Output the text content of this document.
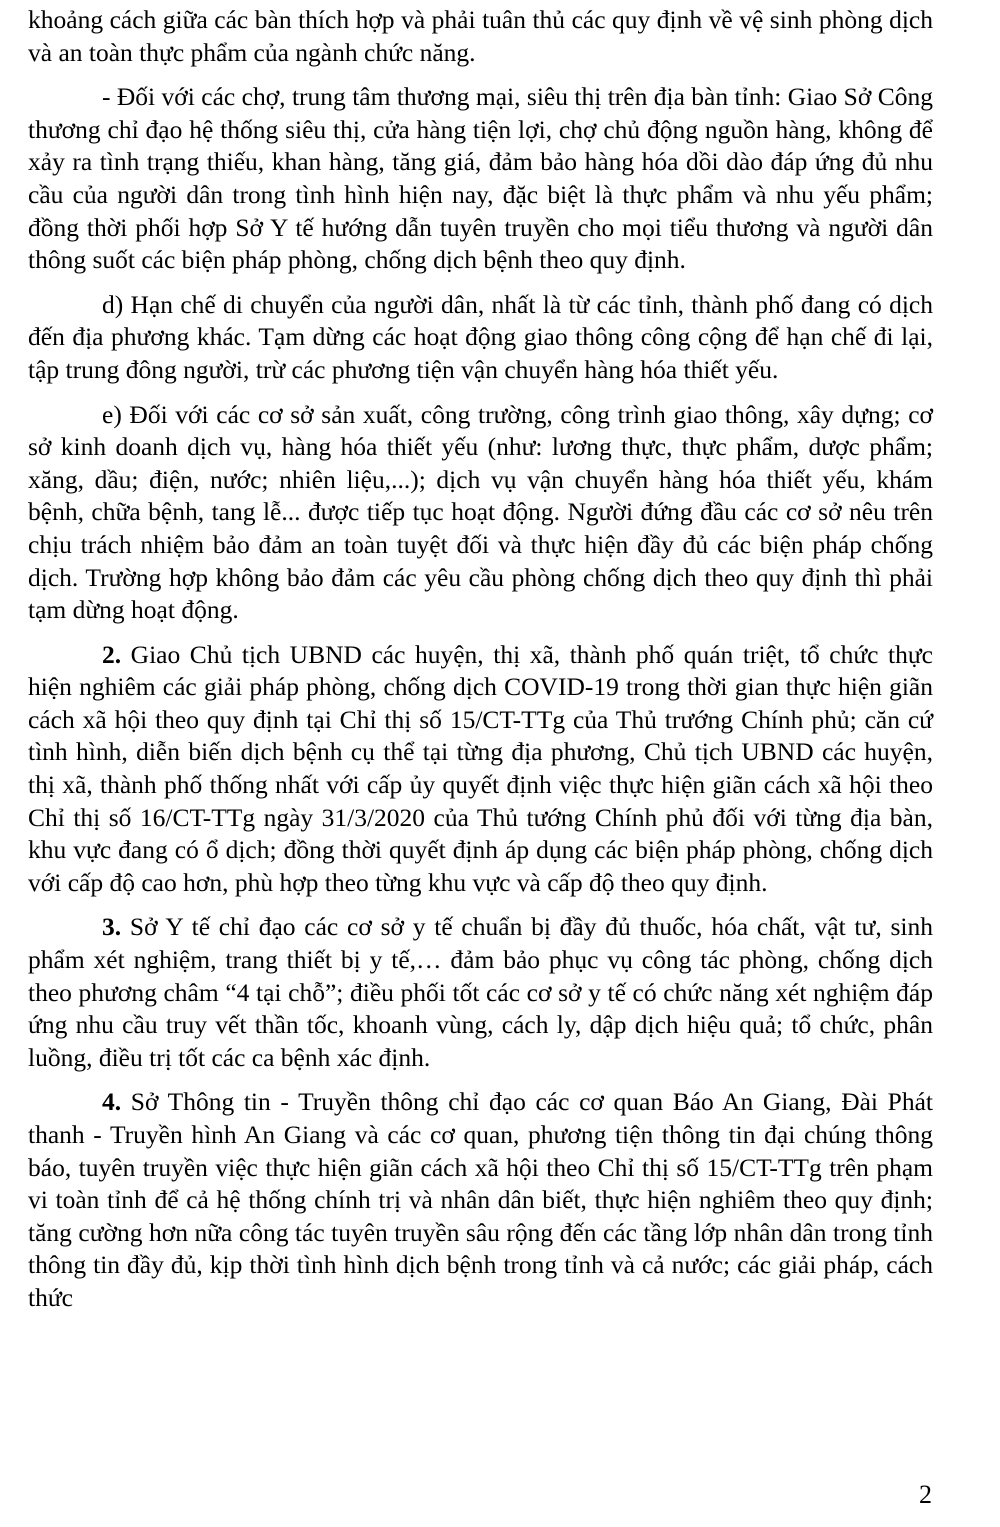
khoảng cách giữa các bàn thích hợp và phải tuân thủ các quy định về vệ sinh phòng dịch và an toàn thực phẩm của ngành chức năng.

- Đối với các chợ, trung tâm thương mại, siêu thị trên địa bàn tỉnh: Giao Sở Công thương chỉ đạo hệ thống siêu thị, cửa hàng tiện lợi, chợ chủ động nguồn hàng, không để xảy ra tình trạng thiếu, khan hàng, tăng giá, đảm bảo hàng hóa dồi dào đáp ứng đủ nhu cầu của người dân trong tình hình hiện nay, đặc biệt là thực phẩm và nhu yếu phẩm; đồng thời phối hợp Sở Y tế hướng dẫn tuyên truyền cho mọi tiểu thương và người dân thông suốt các biện pháp phòng, chống dịch bệnh theo quy định.

d) Hạn chế di chuyển của người dân, nhất là từ các tỉnh, thành phố đang có dịch đến địa phương khác. Tạm dừng các hoạt động giao thông công cộng để hạn chế đi lại, tập trung đông người, trừ các phương tiện vận chuyển hàng hóa thiết yếu.

e) Đối với các cơ sở sản xuất, công trường, công trình giao thông, xây dựng; cơ sở kinh doanh dịch vụ, hàng hóa thiết yếu (như: lương thực, thực phẩm, dược phẩm; xăng, dầu; điện, nước; nhiên liệu,...); dịch vụ vận chuyển hàng hóa thiết yếu, khám bệnh, chữa bệnh, tang lễ... được tiếp tục hoạt động. Người đứng đầu các cơ sở nêu trên chịu trách nhiệm bảo đảm an toàn tuyệt đối và thực hiện đầy đủ các biện pháp chống dịch. Trường hợp không bảo đảm các yêu cầu phòng chống dịch theo quy định thì phải tạm dừng hoạt động.

2. Giao Chủ tịch UBND các huyện, thị xã, thành phố quán triệt, tổ chức thực hiện nghiêm các giải pháp phòng, chống dịch COVID-19 trong thời gian thực hiện giãn cách xã hội theo quy định tại Chỉ thị số 15/CT-TTg của Thủ trướng Chính phủ; căn cứ tình hình, diễn biến dịch bệnh cụ thể tại từng địa phương, Chủ tịch UBND các huyện, thị xã, thành phố thống nhất với cấp ủy quyết định việc thực hiện giãn cách xã hội theo Chỉ thị số 16/CT-TTg ngày 31/3/2020 của Thủ tướng Chính phủ đối với từng địa bàn, khu vực đang có ổ dịch; đồng thời quyết định áp dụng các biện pháp phòng, chống dịch với cấp độ cao hơn, phù hợp theo từng khu vực và cấp độ theo quy định.

3. Sở Y tế chỉ đạo các cơ sở y tế chuẩn bị đầy đủ thuốc, hóa chất, vật tư, sinh phẩm xét nghiệm, trang thiết bị y tế,… đảm bảo phục vụ công tác phòng, chống dịch theo phương châm “4 tại chỗ”; điều phối tốt các cơ sở y tế có chức năng xét nghiệm đáp ứng nhu cầu truy vết thần tốc, khoanh vùng, cách ly, dập dịch hiệu quả; tổ chức, phân luồng, điều trị tốt các ca bệnh xác định.

4. Sở Thông tin - Truyền thông chỉ đạo các cơ quan Báo An Giang, Đài Phát thanh - Truyền hình An Giang và các cơ quan, phương tiện thông tin đại chúng thông báo, tuyên truyền việc thực hiện giãn cách xã hội theo Chỉ thị số 15/CT-TTg trên phạm vi toàn tỉnh để cả hệ thống chính trị và nhân dân biết, thực hiện nghiêm theo quy định; tăng cường hơn nữa công tác tuyên truyền sâu rộng đến các tầng lớp nhân dân trong tỉnh thông tin đầy đủ, kịp thời tình hình dịch bệnh trong tỉnh và cả nước; các giải pháp, cách thức

2
